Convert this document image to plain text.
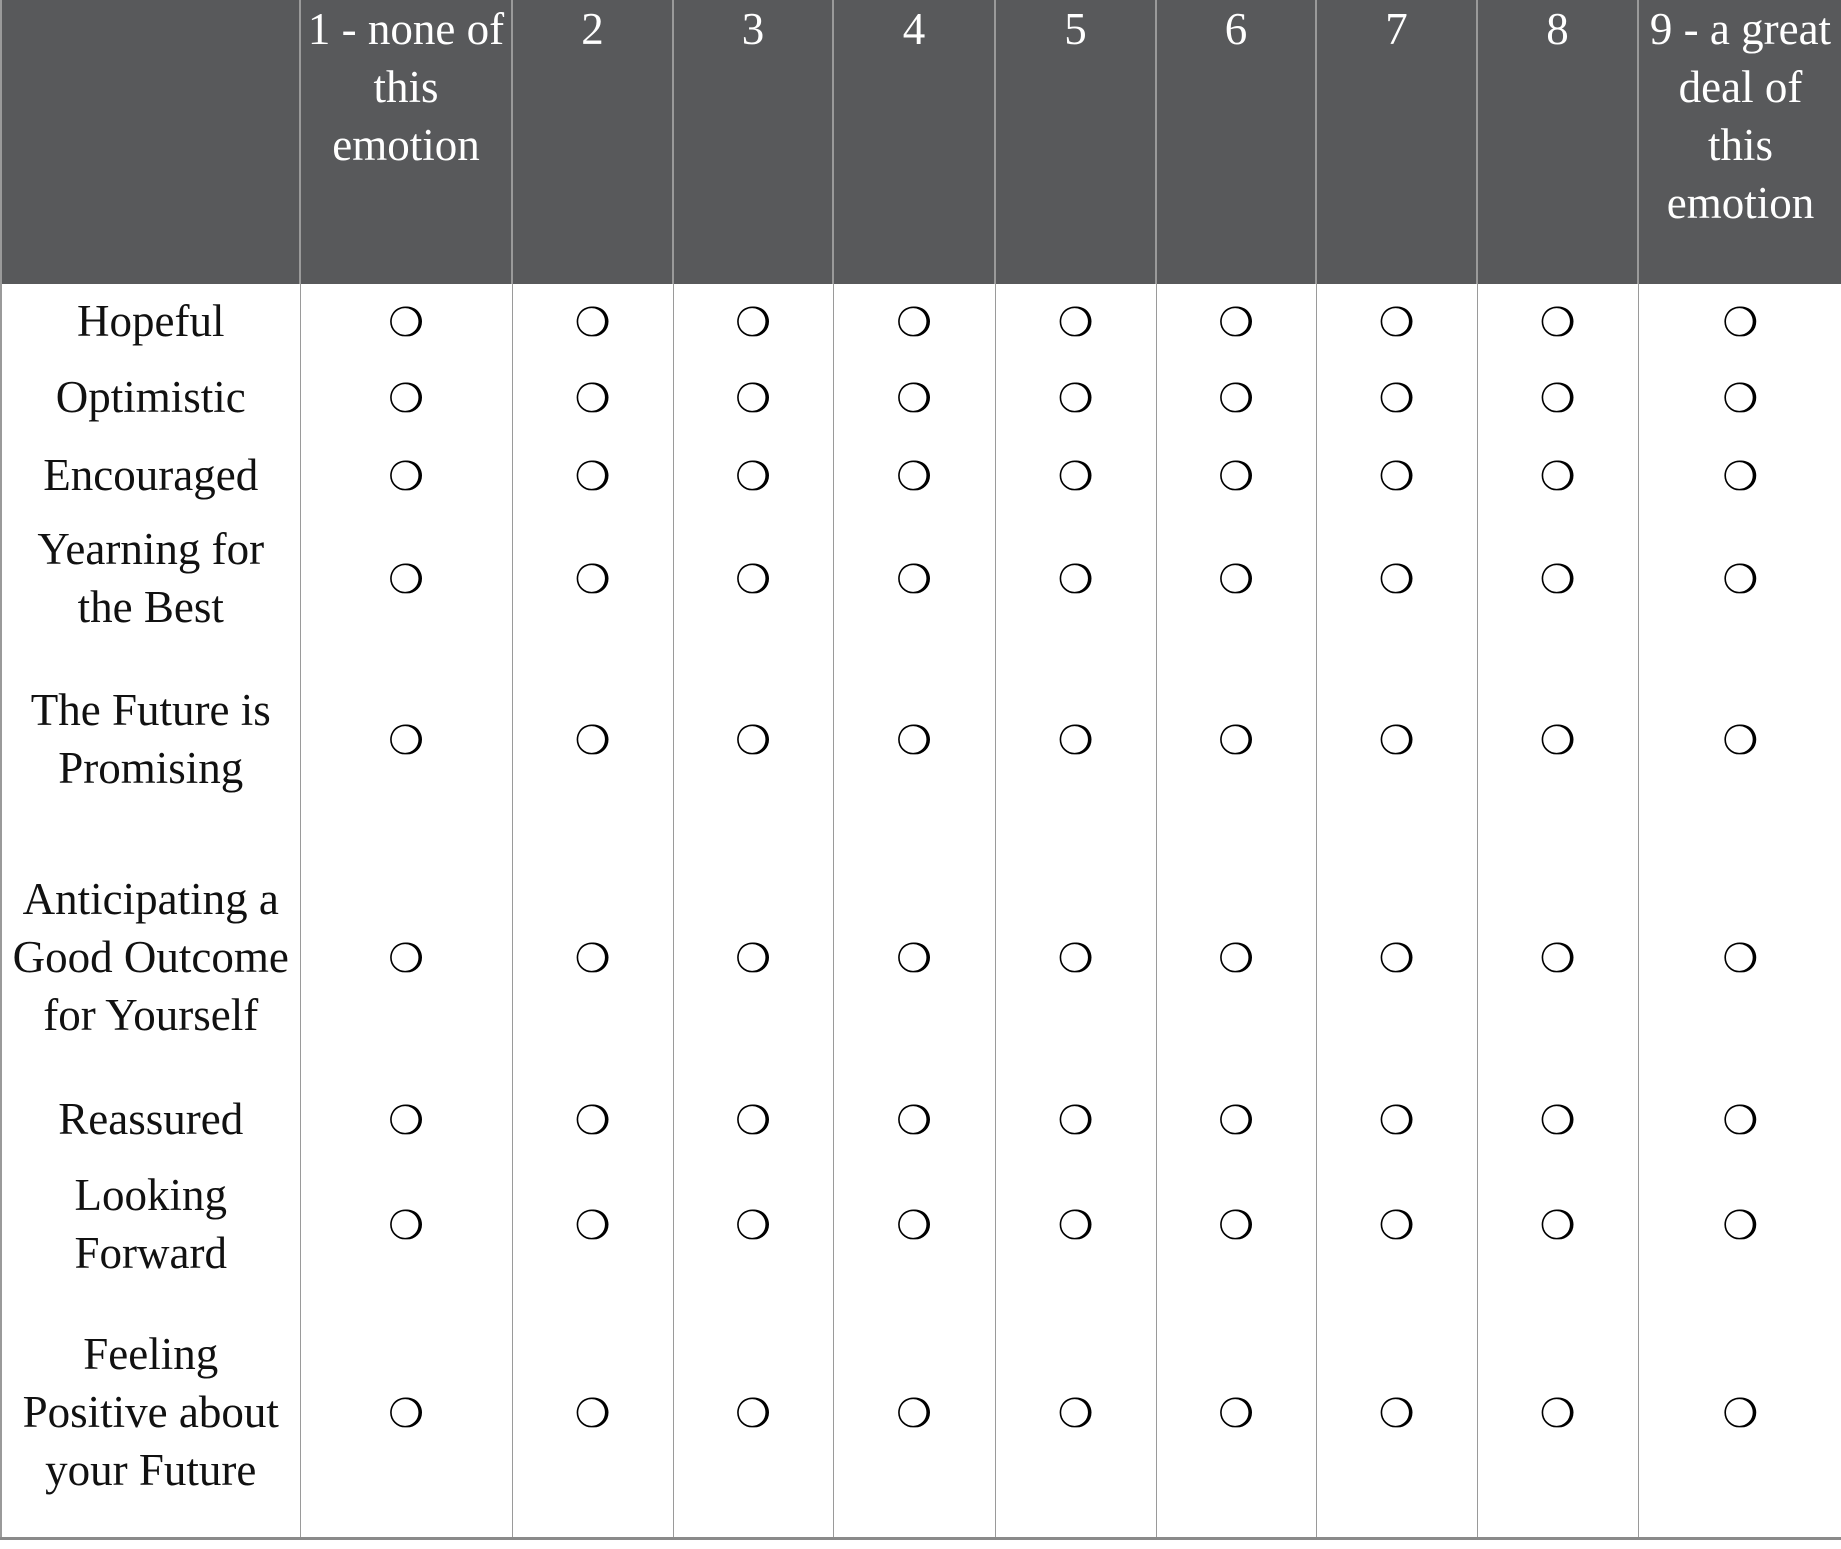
	1 - none of this emotion	2	3	4	5	6	7	8	9 - a great deal of this emotion
Hopeful	❍	❍	❍	❍	❍	❍	❍	❍	❍
Optimistic	❍	❍	❍	❍	❍	❍	❍	❍	❍
Encouraged	❍	❍	❍	❍	❍	❍	❍	❍	❍
Yearning for the Best	❍	❍	❍	❍	❍	❍	❍	❍	❍
The Future is Promising	❍	❍	❍	❍	❍	❍	❍	❍	❍
Anticipating a Good Outcome for Yourself	❍	❍	❍	❍	❍	❍	❍	❍	❍
Reassured	❍	❍	❍	❍	❍	❍	❍	❍	❍
Looking Forward	❍	❍	❍	❍	❍	❍	❍	❍	❍
Feeling Positive about your Future	❍	❍	❍	❍	❍	❍	❍	❍	❍
